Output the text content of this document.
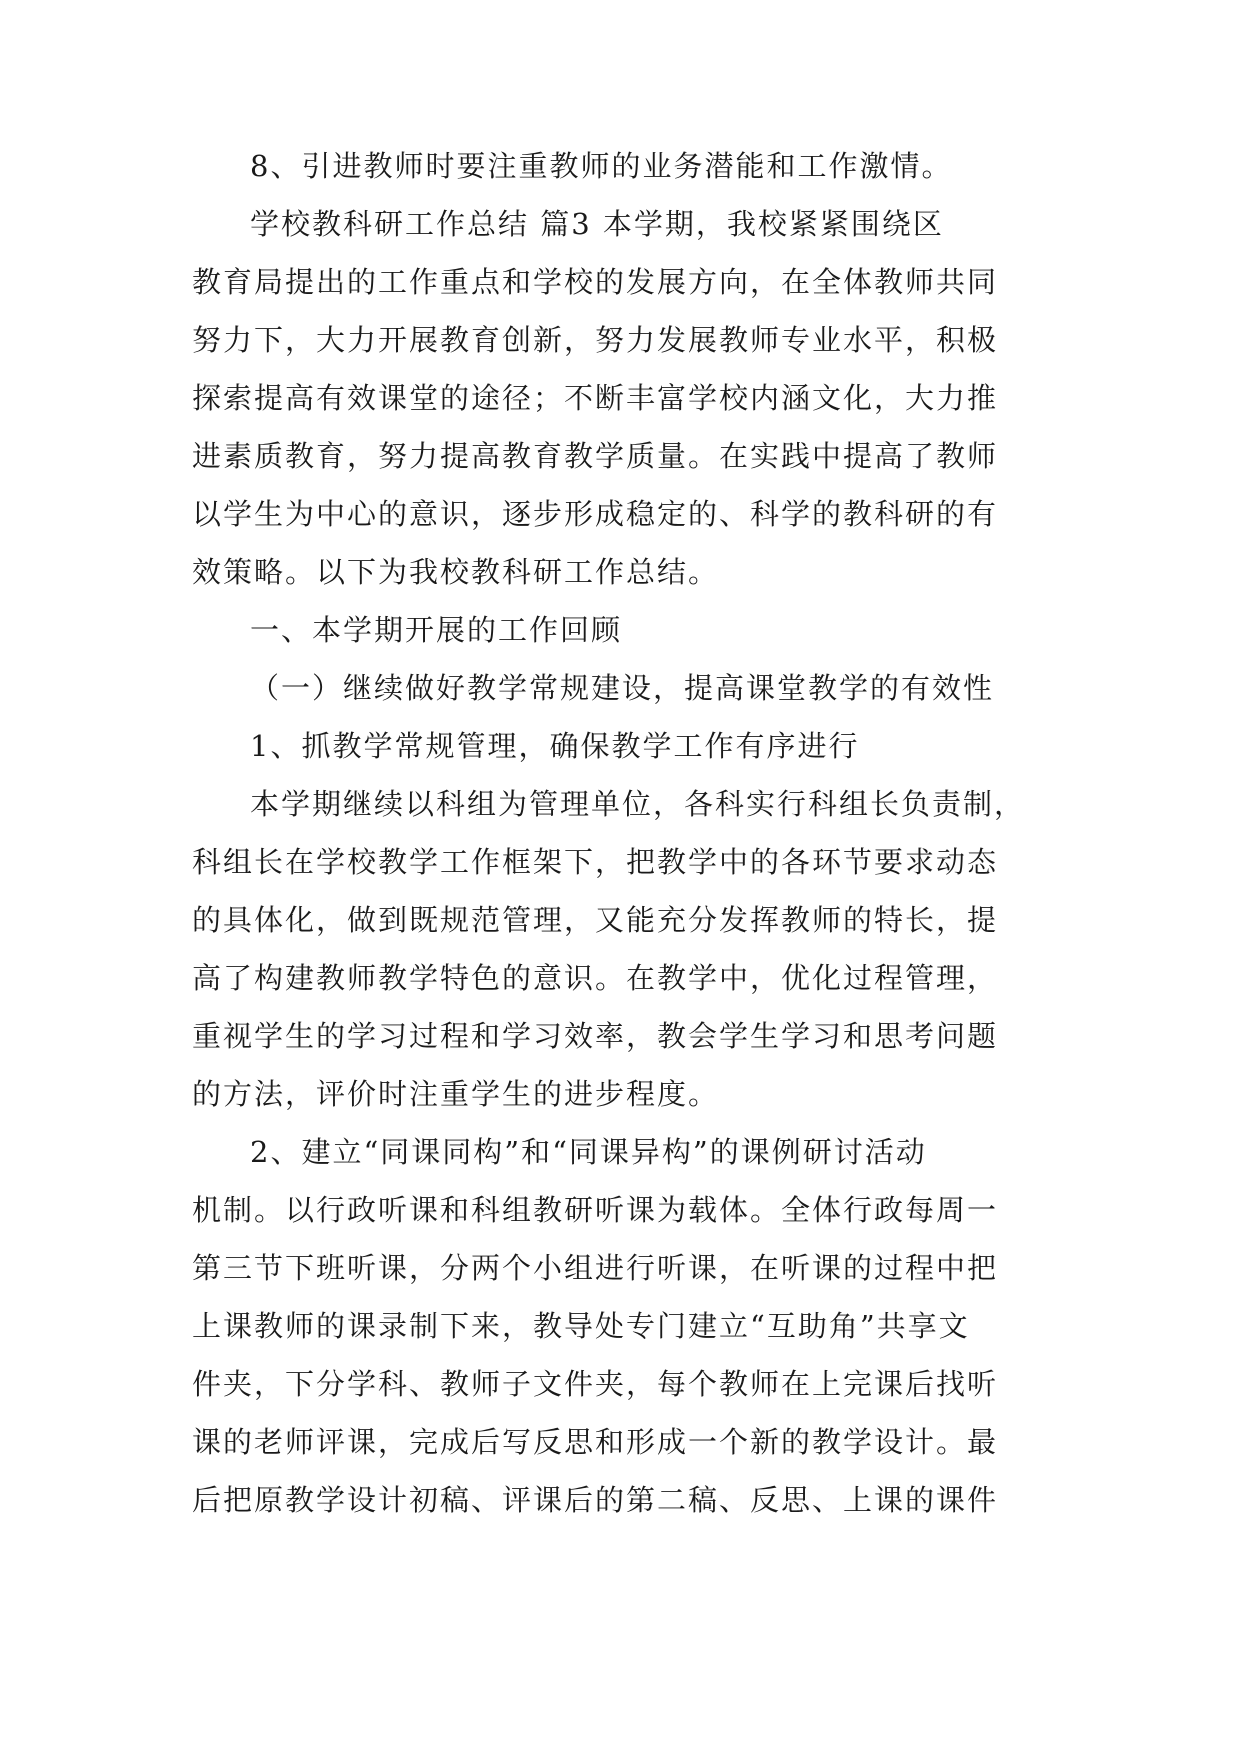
8、引进教师时要注重教师的业务潜能和工作激情。
学校教科研工作总结 篇3 本学期，我校紧紧围绕区
教育局提出的工作重点和学校的发展方向，在全体教师共同
努力下，大力开展教育创新，努力发展教师专业水平，积极
探索提高有效课堂的途径；不断丰富学校内涵文化，大力推
进素质教育，努力提高教育教学质量。在实践中提高了教师
以学生为中心的意识，逐步形成稳定的、科学的教科研的有
效策略。以下为我校教科研工作总结。
一、本学期开展的工作回顾
（一）继续做好教学常规建设，提高课堂教学的有效性
1、抓教学常规管理，确保教学工作有序进行
本学期继续以科组为管理单位，各科实行科组长负责制，
科组长在学校教学工作框架下，把教学中的各环节要求动态
的具体化，做到既规范管理，又能充分发挥教师的特长，提
高了构建教师教学特色的意识。在教学中，优化过程管理，
重视学生的学习过程和学习效率，教会学生学习和思考问题
的方法，评价时注重学生的进步程度。
2、建立“同课同构”和“同课异构”的课例研讨活动
机制。以行政听课和科组教研听课为载体。全体行政每周一
第三节下班听课，分两个小组进行听课，在听课的过程中把
上课教师的课录制下来，教导处专门建立“互助角”共享文
件夹，下分学科、教师子文件夹，每个教师在上完课后找听
课的老师评课，完成后写反思和形成一个新的教学设计。最
后把原教学设计初稿、评课后的第二稿、反思、上课的课件
